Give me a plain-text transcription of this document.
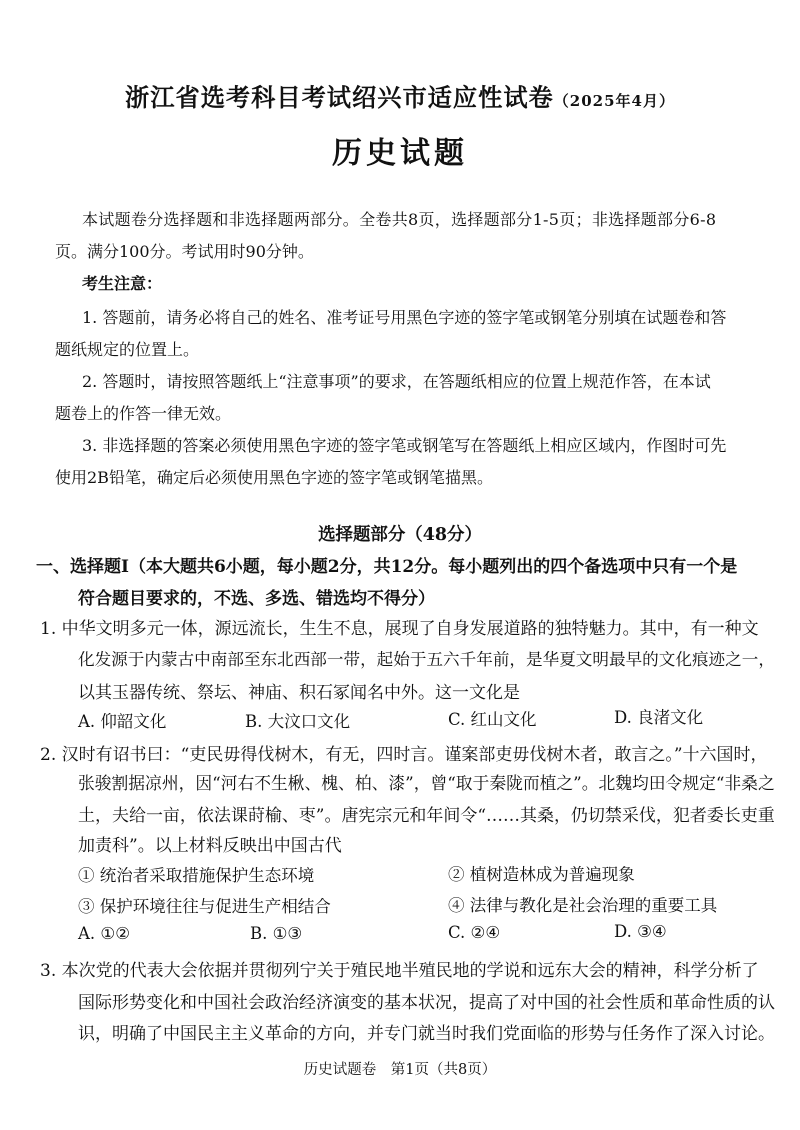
浙江省选考科目考试绍兴市适应性试卷（2025年4月）
历史试题
本试题卷分选择题和非选择题两部分。全卷共8页，选择题部分1-5页；非选择题部分6-8
页。满分100分。考试用时90分钟。
考生注意：
1. 答题前，请务必将自己的姓名、准考证号用黑色字迹的签字笔或钢笔分别填在试题卷和答
题纸规定的位置上。
2. 答题时，请按照答题纸上“注意事项”的要求，在答题纸相应的位置上规范作答，在本试
题卷上的作答一律无效。
3. 非选择题的答案必须使用黑色字迹的签字笔或钢笔写在答题纸上相应区域内，作图时可先
使用2B铅笔，确定后必须使用黑色字迹的签字笔或钢笔描黑。
选择题部分（48分）
一、选择题Ⅰ（本大题共6小题，每小题2分，共12分。每小题列出的四个备选项中只有一个是
符合题目要求的，不选、多选、错选均不得分）
1. 中华文明多元一体，源远流长，生生不息，展现了自身发展道路的独特魅力。其中，有一种文
化发源于内蒙古中南部至东北西部一带，起始于五六千年前，是华夏文明最早的文化痕迹之一，
以其玉器传统、祭坛、神庙、积石冢闻名中外。这一文化是
A. 仰韶文化	B. 大汶口文化	C. 红山文化	D. 良渚文化
2. 汉时有诏书曰：“吏民毋得伐树木，有无，四时言。谨案部吏毋伐树木者，敢言之。”十六国时，
张骏割据凉州，因“河右不生楸、槐、柏、漆”，曾“取于秦陇而植之”。北魏均田令规定“非桑之
土，夫给一亩，依法课莳榆、枣”。唐宪宗元和年间令“……其桑，仍切禁采伐，犯者委长吏重
加责科”。以上材料反映出中国古代
① 统治者采取措施保护生态环境	② 植树造林成为普遍现象
③ 保护环境往往与促进生产相结合	④ 法律与教化是社会治理的重要工具
A. ①②	B. ①③	C. ②④	D. ③④
3. 本次党的代表大会依据并贯彻列宁关于殖民地半殖民地的学说和远东大会的精神，科学分析了
国际形势变化和中国社会政治经济演变的基本状况，提高了对中国的社会性质和革命性质的认
识，明确了中国民主主义革命的方向，并专门就当时我们党面临的形势与任务作了深入讨论。
历史试题卷　第1页（共8页）
